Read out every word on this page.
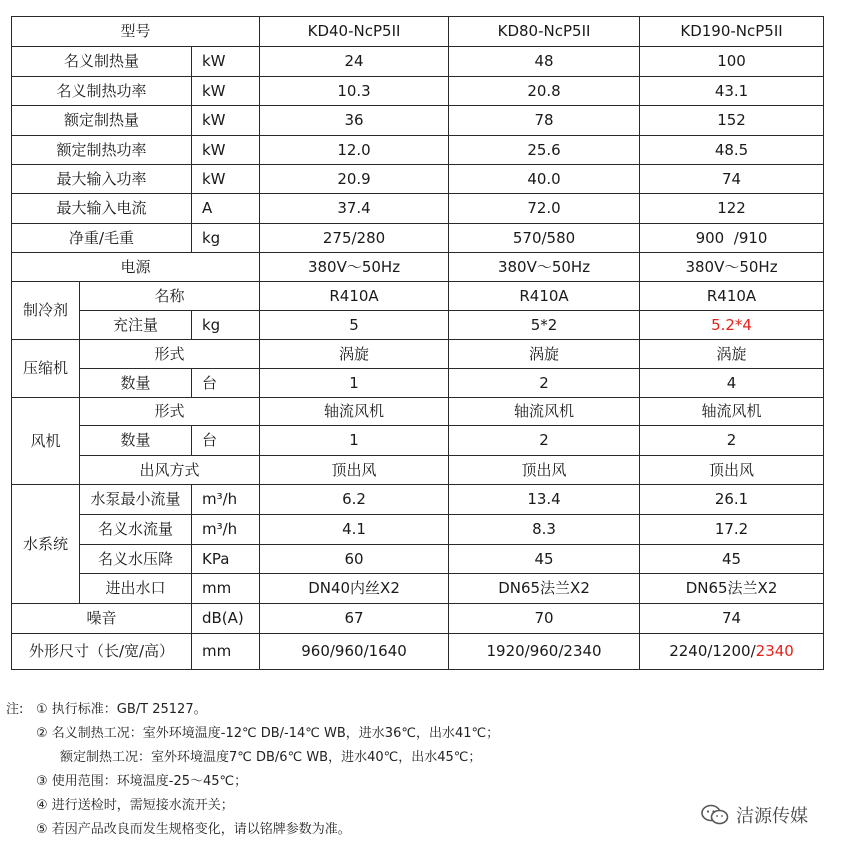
型号			KD40-NcP5II	KD80-NcP5II	KD190-NcP5II
名义制热量		kW	24	48	100
名义制热功率		kW	10.3	20.8	43.1
额定制热量		kW	36	78	152
额定制热功率		kW	12.0	25.6	48.5
最大输入功率		kW	20.9	40.0	74
最大输入电流		A	37.4	72.0	122
净重/毛重		kg	275/280	570/580	900  /910
电源			380V～50Hz	380V～50Hz	380V～50Hz
制冷剂	名称		R410A	R410A	R410A
	充注量	kg	5	5*2	5.2*4
压缩机	形式		涡旋	涡旋	涡旋
	数量	台	1	2	4
风机	形式		轴流风机	轴流风机	轴流风机
	数量	台	1	2	2
	出风方式		顶出风	顶出风	顶出风
水系统	水泵最小流量	m³/h	6.2	13.4	26.1
	名义水流量	m³/h	4.1	8.3	17.2
	名义水压降	KPa	60	45	45
	进出水口	mm	DN40内丝X2	DN65法兰X2	DN65法兰X2
噪音		dB(A)	67	70	74
外形尺寸（长/宽/高）		mm	960/960/1640	1920/960/2340	2240/1200/2340
注: ① 执行标准：GB/T 25127。
② 名义制热工况：室外环境温度-12℃ DB/-14℃ WB，进水36℃，出水41℃；
额定制热工况：室外环境温度7℃ DB/6℃ WB，进水40℃，出水45℃；
③ 使用范围：环境温度-25～45℃；
④ 进行送检时，需短接水流开关；
⑤ 若因产品改良而发生规格变化，请以铭牌参数为准。
洁源传媒
